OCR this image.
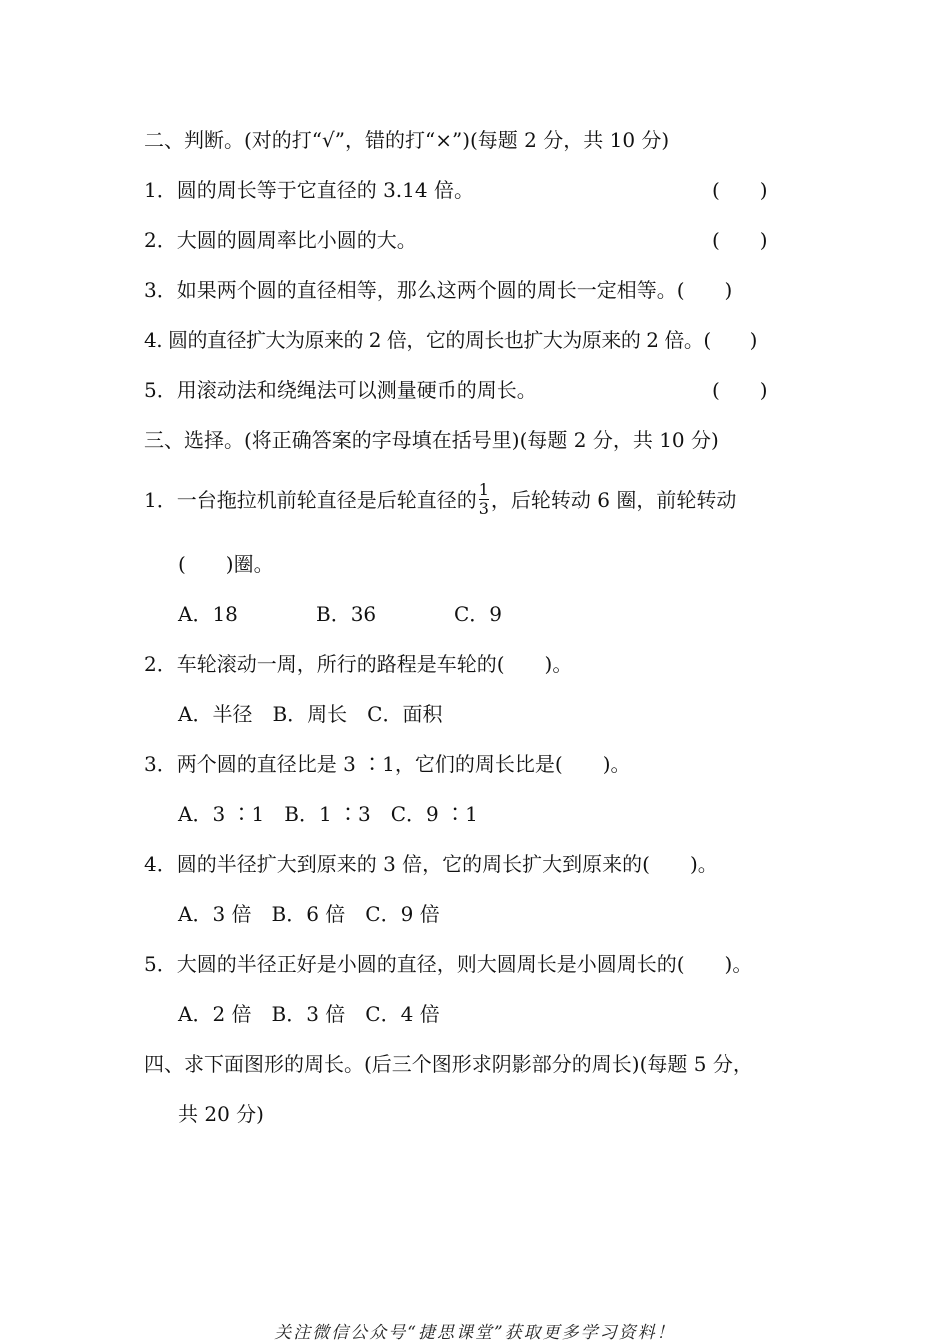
二、判断。(对的打“√”，错的打“×”)(每题 2 分，共 10 分)
1．圆的周长等于它直径的 3.14 倍。	(　　)
2．大圆的圆周率比小圆的大。	(　　)
3．如果两个圆的直径相等，那么这两个圆的周长一定相等。(　　)
4. 圆的直径扩大为原来的 2 倍，它的周长也扩大为原来的 2 倍。(　　)
5．用滚动法和绕绳法可以测量硬币的周长。	(　　)
三、选择。(将正确答案的字母填在括号里)(每题 2 分，共 10 分)
1．一台拖拉机前轮直径是后轮直径的 $\frac{1}{3}$ ，后轮转动 6 圈，前轮转动
(　　)圈。
A．18	B．36	C．9
2．车轮滚动一周，所行的路程是车轮的(　　)。
A．半径　B．周长　C．面积
3．两个圆的直径比是 3 ∶1，它们的周长比是(　　)。
A．3 ∶1　B．1 ∶3　C．9 ∶1
4．圆的半径扩大到原来的 3 倍，它的周长扩大到原来的(　　)。
A．3 倍　B．6 倍　C．9 倍
5．大圆的半径正好是小圆的直径，则大圆周长是小圆周长的(　　)。
A．2 倍　B．3 倍　C．4 倍
四、求下面图形的周长。(后三个图形求阴影部分的周长)(每题 5 分，
共 20 分)
关注微信公众号“捷思课堂”获取更多学习资料！
